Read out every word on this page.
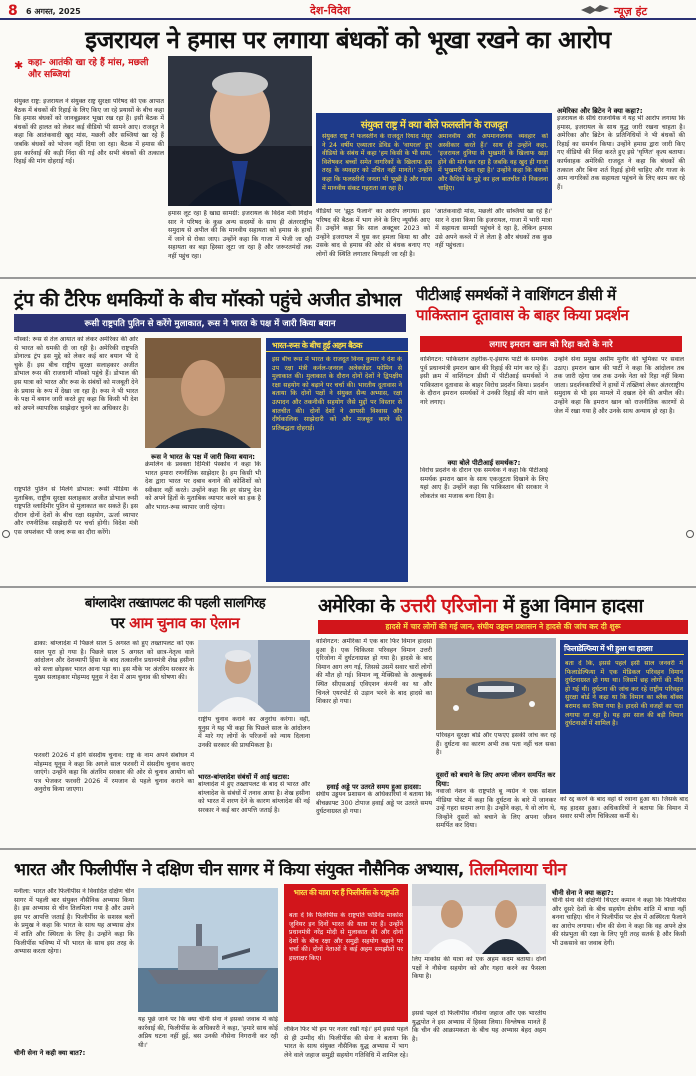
8 6 अगस्त, 2025	देश-विदेश	न्यूज़ हंट
इजरायल ने हमास पर लगाया बंधकों को भूखा रखने का आरोप
✱ कहा- आतंकी खा रहे हैं मांस, मछली और सब्जियां
संयुक्त राष्ट्र: इजरायल ने संयुक्त राष्ट्र सुरक्षा परिषद की एक आपात बैठक में बंधकों की रिहाई के लिए किए जा रहे प्रयासों के बीच कहा कि हमास बंधकों को जानबूझकर भूखा रख रहा है। इसी बैठक में बंधकों की हालत को लेकर कई वीडियो भी सामने आए। राजदूत ने कहा कि आतंकवादी खुद मांस, मछली और सब्जियां खा रहे हैं जबकि बंधकों को भोजन नहीं दिया जा रहा। बैठक में हमास की इस कार्रवाई की कड़ी निंदा की गई और सभी बंधकों की तत्काल रिहाई की मांग दोहराई गई।
हमास लूट रहा है खाद्य सामग्री: इजरायल के विदेश मंत्री गिदोन सार ने परिषद के कुछ अन्य सदस्यों के साथ ही अंतरराष्ट्रीय समुदाय से अपील की कि मानवीय सहायता को हमास के हाथों में जाने से रोका जाए। उन्होंने कहा कि गाजा में भेजी जा रही सहायता का बड़ा हिस्सा लूटा जा रहा है और जरूरतमंदों तक नहीं पहुंच रहा।
संयुक्त राष्ट्र में क्या बोले फलस्तीन के राजदूत
संयुक्त राष्ट्र में फलस्तीन के राजदूत रियाद मंसूर ने 24 वर्षीय एव्यातार डेविड के 'वायरल' हुए वीडियो के संबंध में कहा 'हम किसी के भी साथ, विशेषकर बच्चों समेत नागरिकों के खिलाफ इस तरह के व्यवहार को उचित नहीं मानते।' उन्होंने कहा कि फलस्तीनी जनता भी भूखी है और गाजा में मानवीय संकट गहराता जा रहा है।
अमानवीय और अपमानजनक व्यवहार को अस्वीकार करते हैं।' साथ ही उन्होंने कहा, 'इजरायल दुनिया से भुखमरी के खिलाफ खड़ा होने की मांग कर रहा है जबकि वह खुद ही गाजा में भुखमरी फैला रहा है।' उन्होंने कहा कि बंधकों और कैदियों के मुद्दे का हल बातचीत से निकलना चाहिए।
वीडियो पर 'झूठ फैलाने' का आरोप लगाया। इस परिषद की बैठक में भाग लेने के लिए न्यूयॉर्क आए हैं। उन्होंने कहा कि साल अक्टूबर 2023 को उन्होंने इजरायल में घुस कर हमला किया था और उसके बाद से हमास की ओर से बंधक बनाए गए लोगों की स्थिति लगातार बिगड़ती जा रही है।
'आतंकवादी मांस, मछली और सब्जियां खा रहे हैं।' सार ने दावा किया कि इजरायल, गाजा में भारी मात्रा में सहायता सामग्री पहुंचने दे रहा है, लेकिन हमास उसे अपने कब्जे में ले लेता है और बंधकों तक कुछ नहीं पहुंचता।
अमेरिका और ब्रिटेन ने क्या कहा?:
इजरायल के सीधे राजनयिक ने यह भी आरोप लगाया कि हमास, इजरायल के साथ युद्ध जारी रखना चाहता है। अमेरिका और ब्रिटेन के प्रतिनिधियों ने भी बंधकों की रिहाई का समर्थन किया। उन्होंने हमास द्वारा जारी किए गए वीडियो की निंदा करते हुए इसे 'घृणित' कृत्य बताया। कार्यवाहक अमेरिकी राजदूत ने कहा कि बंधकों की तत्काल और बिना शर्त रिहाई होनी चाहिए और गाजा के आम नागरिकों तक सहायता पहुंचने के लिए काम कर रहे हैं।
ट्रंप की टैरिफ धमकियों के बीच मॉस्को पहुंचे अजीत डोभाल
रूसी राष्ट्रपति पुतिन से करेंगे मुलाकात, रूस ने भारत के पक्ष में जारी किया बयान
मॉस्को: रूस से तेल आयात को लेकर अमेरिका की ओर से भारत को धमकी दी जा रही है। अमेरिकी राष्ट्रपति डोनाल्ड ट्रंप इस मुद्दे को लेकर कई बार बयान भी दे चुके हैं। इस बीच राष्ट्रीय सुरक्षा सलाहकार अजीत डोभाल रूस की राजधानी मॉस्को पहुंचे हैं। डोभाल की इस यात्रा को भारत और रूस के संबंधों को मजबूती देने के प्रयास के रूप में देखा जा रहा है। रूस ने भी भारत के पक्ष में बयान जारी करते हुए कहा कि किसी भी देश को अपने व्यापारिक साझेदार चुनने का अधिकार है।
राष्ट्रपति पुतिन से मिलेंगे डोभाल: रूसी मीडिया के मुताबिक, राष्ट्रीय सुरक्षा सलाहकार अजीत डोभाल रूसी राष्ट्रपति व्लादिमीर पुतिन से मुलाकात कर सकते हैं। इस दौरान दोनों देशों के बीच रक्षा सहयोग, ऊर्जा व्यापार और रणनीतिक साझेदारी पर चर्चा होगी। विदेश मंत्री एस जयशंकर भी जल्द रूस का दौरा करेंगे।
रूस ने भारत के पक्ष में जारी किया बयान:
क्रेमलिन के प्रवक्ता दिमित्री पेस्कोव ने कहा कि भारत हमारा रणनीतिक साझेदार है। हम किसी भी देश द्वारा भारत पर दबाव बनाने की कोशिशों को स्वीकार नहीं करते। उन्होंने कहा कि हर संप्रभु देश को अपने हितों के मुताबिक व्यापार करने का हक है और भारत-रूस व्यापार जारी रहेगा।
भारत-रूस के बीच हुई अहम बैठक
इस बीच रूस में भारत के राजदूत विनय कुमार ने देश के उप रक्षा मंत्री कर्नल-जनरल अलेक्जेंडर फोमिन से मुलाकात की। मुलाकात के दौरान दोनों देशों ने द्विपक्षीय रक्षा सहयोग को बढ़ाने पर चर्चा की। भारतीय दूतावास ने बताया कि दोनों पक्षों ने संयुक्त सैन्य अभ्यास, रक्षा उत्पादन और तकनीकी सहयोग जैसे मुद्दों पर विस्तार से बातचीत की। दोनों देशों ने आपसी विश्वास और दीर्घकालिक साझेदारी को और मजबूत करने की प्रतिबद्धता दोहराई।
पीटीआई समर्थकों ने वाशिंगटन डीसी में
पाकिस्तान दूतावास के बाहर किया प्रदर्शन
लगाए इमरान खान को रिहा करो के नारे
वाशिंगटन: पाकिस्तान तहरीक-ए-इंसाफ पार्टी के समर्थक पूर्व प्रधानमंत्री इमरान खान की रिहाई की मांग कर रहे हैं। इसी क्रम में वाशिंगटन डीसी में पीटीआई समर्थकों ने पाकिस्तान दूतावास के बाहर विरोध प्रदर्शन किया। प्रदर्शन के दौरान इमरान समर्थकों ने उनकी रिहाई की मांग वाले नारे लगाए।
क्या बोले पीटीआई समर्थक?:
विरोध प्रदर्शन के दौरान एक समर्थक ने कहा कि पीटीआई समर्थक इमरान खान के साथ एकजुटता दिखाने के लिए यहां आए हैं। उन्होंने कहा कि पाकिस्तान की सरकार ने लोकतंत्र का मजाक बना दिया है।
उन्होंने सेना प्रमुख असीम मुनीर की भूमिका पर सवाल उठाए। इमरान खान की पार्टी ने कहा कि आंदोलन तब तक जारी रहेगा जब तक उनके नेता को रिहा नहीं किया जाता। प्रदर्शनकारियों ने हाथों में तख्तियां लेकर अंतरराष्ट्रीय समुदाय से भी इस मामले में दखल देने की अपील की। उन्होंने कहा कि इमरान खान को राजनीतिक कारणों से जेल में रखा गया है और उनके साथ अन्याय हो रहा है।
बांग्लादेश तख्तापलट की पहली सालगिरह
पर आम चुनाव का ऐलान
ढाका: बांग्लादेश में पिछले साल 5 अगस्त को हुए तख्तापलट को एक साल पूरा हो गया है। पिछले साल 5 अगस्त को छात्र-नेतृत्व वाले आंदोलन और देशव्यापी हिंसा के बाद तत्कालीन प्रधानमंत्री शेख हसीना को सत्ता छोड़कर भारत आना पड़ा था। इस मौके पर अंतरिम सरकार के मुख्य सलाहकार मोहम्मद यूनुस ने देश में आम चुनाव की घोषणा की।
फरवरी 2026 में होंगे संसदीय चुनाव: राष्ट्र के नाम अपने संबोधन में मोहम्मद यूनुस ने कहा कि अगले साल फरवरी में संसदीय चुनाव कराए जाएंगे। उन्होंने कहा कि अंतरिम सरकार की ओर से चुनाव आयोग को पत्र भेजकर फरवरी 2026 में रमजान से पहले चुनाव कराने का अनुरोध किया जाएगा।
राष्ट्रीय चुनाव कराने का अनुरोध करेगा। वहीं, यूनुस ने यह भी कहा कि पिछले साल के आंदोलन में मारे गए लोगों के परिजनों को न्याय दिलाना उनकी सरकार की प्राथमिकता है।
भारत-बांग्लादेश संबंधों में आई खटास:
बांग्लादेश में हुए तख्तापलट के बाद से भारत और बांग्लादेश के संबंधों में तनाव आया है। शेख हसीना को भारत में शरण देने के कारण बांग्लादेश की नई सरकार ने कई बार आपत्ति जताई है।
अमेरिका के उत्तरी एरिजोना में हुआ विमान हादसा
हादसे में चार लोगों की गई जान, संघीय उड्डयन प्रशासन ने हादसे की जांच कर दी शुरू
वाशिंगटन: अमेरिका में एक बार फिर विमान हादसा हुआ है। एक चिकित्सा परिवहन विमान उत्तरी एरिजोना में दुर्घटनाग्रस्त हो गया है। हादसे के बाद विमान आग लग गई, जिससे उसमें सवार चारों लोगों की मौत हो गई। विमान न्यू मेक्सिको के अल्बुकर्क स्थित सीएसआई एविएशन कंपनी का था और चिनले एयरपोर्ट से उड़ान भरने के बाद हादसे का शिकार हो गया।
हवाई अड्डे पर उतरते समय हुआ हादसा:
संघीय उड्डयन प्रशासन के अधिकारियों ने बताया कि बीचक्राफ्ट 300 टोपाज हवाई अड्डे पर उतरते समय दुर्घटनाग्रस्त हो गया।
परिवहन सुरक्षा बोर्ड और एफएए इसकी जांच कर रहे हैं। दुर्घटना का कारण अभी तक पता नहीं चल सका है।
दूसरों को बचाने के लिए अपना जीवन समर्पित कर दिया:
नवाजो नेशन के राष्ट्रपति बू न्यग्रेन ने एक सोशल मीडिया पोस्ट में कहा कि दुर्घटना के बारे में जानकर उन्हें गहरा सदमा लगा है। उन्होंने कहा, ये वो लोग थे, जिन्होंने दूसरों को बचाने के लिए अपना जीवन समर्पित कर दिया।
फिलाडेल्फिया में भी हुआ था हादसा
बता दें कि, इससे पहले इसी साल जनवरी में फिलाडेल्फिया में एक मेडिकल परिवहन विमान दुर्घटनाग्रस्त हो गया था। जिसमें छह लोगों की मौत हो गई थी। दुर्घटना की जांच कर रहे राष्ट्रीय परिवहन सुरक्षा बोर्ड ने कहा था कि विमान का ब्लैक बॉक्स बरामद कर लिया गया है। हादसे की वजहों का पता लगाया जा रहा है। यह इस साल की बड़ी विमान दुर्घटनाओं में शामिल है।
को रद्द करने के बाद वहां से रवाना हुआ था। जिसके बाद यह हादसा हुआ। अधिकारियों ने बताया कि विमान में सवार सभी लोग चिकित्सा कर्मी थे।
भारत और फिलीपींस ने दक्षिण चीन सागर में किया संयुक्त नौसैनिक अभ्यास, तिलमिलाया चीन
मनीला: भारत और फिलीपींस ने विवादित दक्षिण चीन सागर में पहली बार संयुक्त नौसैनिक अभ्यास किया है। इस अभ्यास से चीन तिलमिला गया है और उसने इस पर आपत्ति जताई है। फिलीपींस के सशस्त्र बलों के प्रमुख ने कहा कि भारत के साथ यह अभ्यास क्षेत्र में शांति और स्थिरता के लिए है। उन्होंने कहा कि फिलीपींस भविष्य में भी भारत के साथ इस तरह के अभ्यास करता रहेगा।
चीनी सेना ने कही क्या बात?:
यह पूछे जाने पर कि क्या चीनी सेना ने इसको जवाब में कोई कार्रवाई की, फिलीपींस के अधिकारी ने कहा, 'हमारे साथ कोई अप्रिय घटना नहीं हुई, बस उनकी नौसेना निगरानी कर रही थी।'
भारत की यात्रा पर हैं फिलीपींस के राष्ट्रपति
बता दें कि फिलीपींस के राष्ट्रपति फर्डिनेंड मार्कोस जूनियर इन दिनों भारत की यात्रा पर हैं। उन्होंने प्रधानमंत्री नरेंद्र मोदी से मुलाकात की और दोनों देशों के बीच रक्षा और समुद्री सहयोग बढ़ाने पर चर्चा की। दोनों नेताओं ने कई अहम समझौतों पर हस्ताक्षर किए।	लिए मार्कोस की यात्रा को एक अहम कदम बताया। दोनों पक्षों ने नौसेना सहयोग को और गहरा करने का फैसला किया है।
लेकिन फिर भी हम पर नजर रखी गई।' हमें इससे पहले से ही उम्मीद थी। फिलीपींस की सेना ने बताया कि भारत के साथ संयुक्त नौसैनिक युद्ध अभ्यास में भाग लेने वाले जहाज समुद्री सहयोग गतिविधि में शामिल रहे।
इससे पहले दो फिलीपींस नौसेना जहाज और एक भारतीय युद्धपोत ने इस अभ्यास में हिस्सा लिया। विश्लेषक मानते हैं कि चीन की आक्रामकता के बीच यह अभ्यास बेहद अहम है।
चीनी सेना ने क्या कहा?:
चीनी सेना की दक्षिणी थिएटर कमान ने कहा कि फिलीपींस और दूसरे देशों के बीच सहयोग क्षेत्रीय शांति में बाधा नहीं बनना चाहिए। चीन ने फिलीपींस पर क्षेत्र में अस्थिरता फैलाने का आरोप लगाया। चीन की सेना ने कहा कि वह अपने क्षेत्र की संप्रभुता की रक्षा के लिए पूरी तरह सतर्क है और किसी भी उकसावे का जवाब देगी।
